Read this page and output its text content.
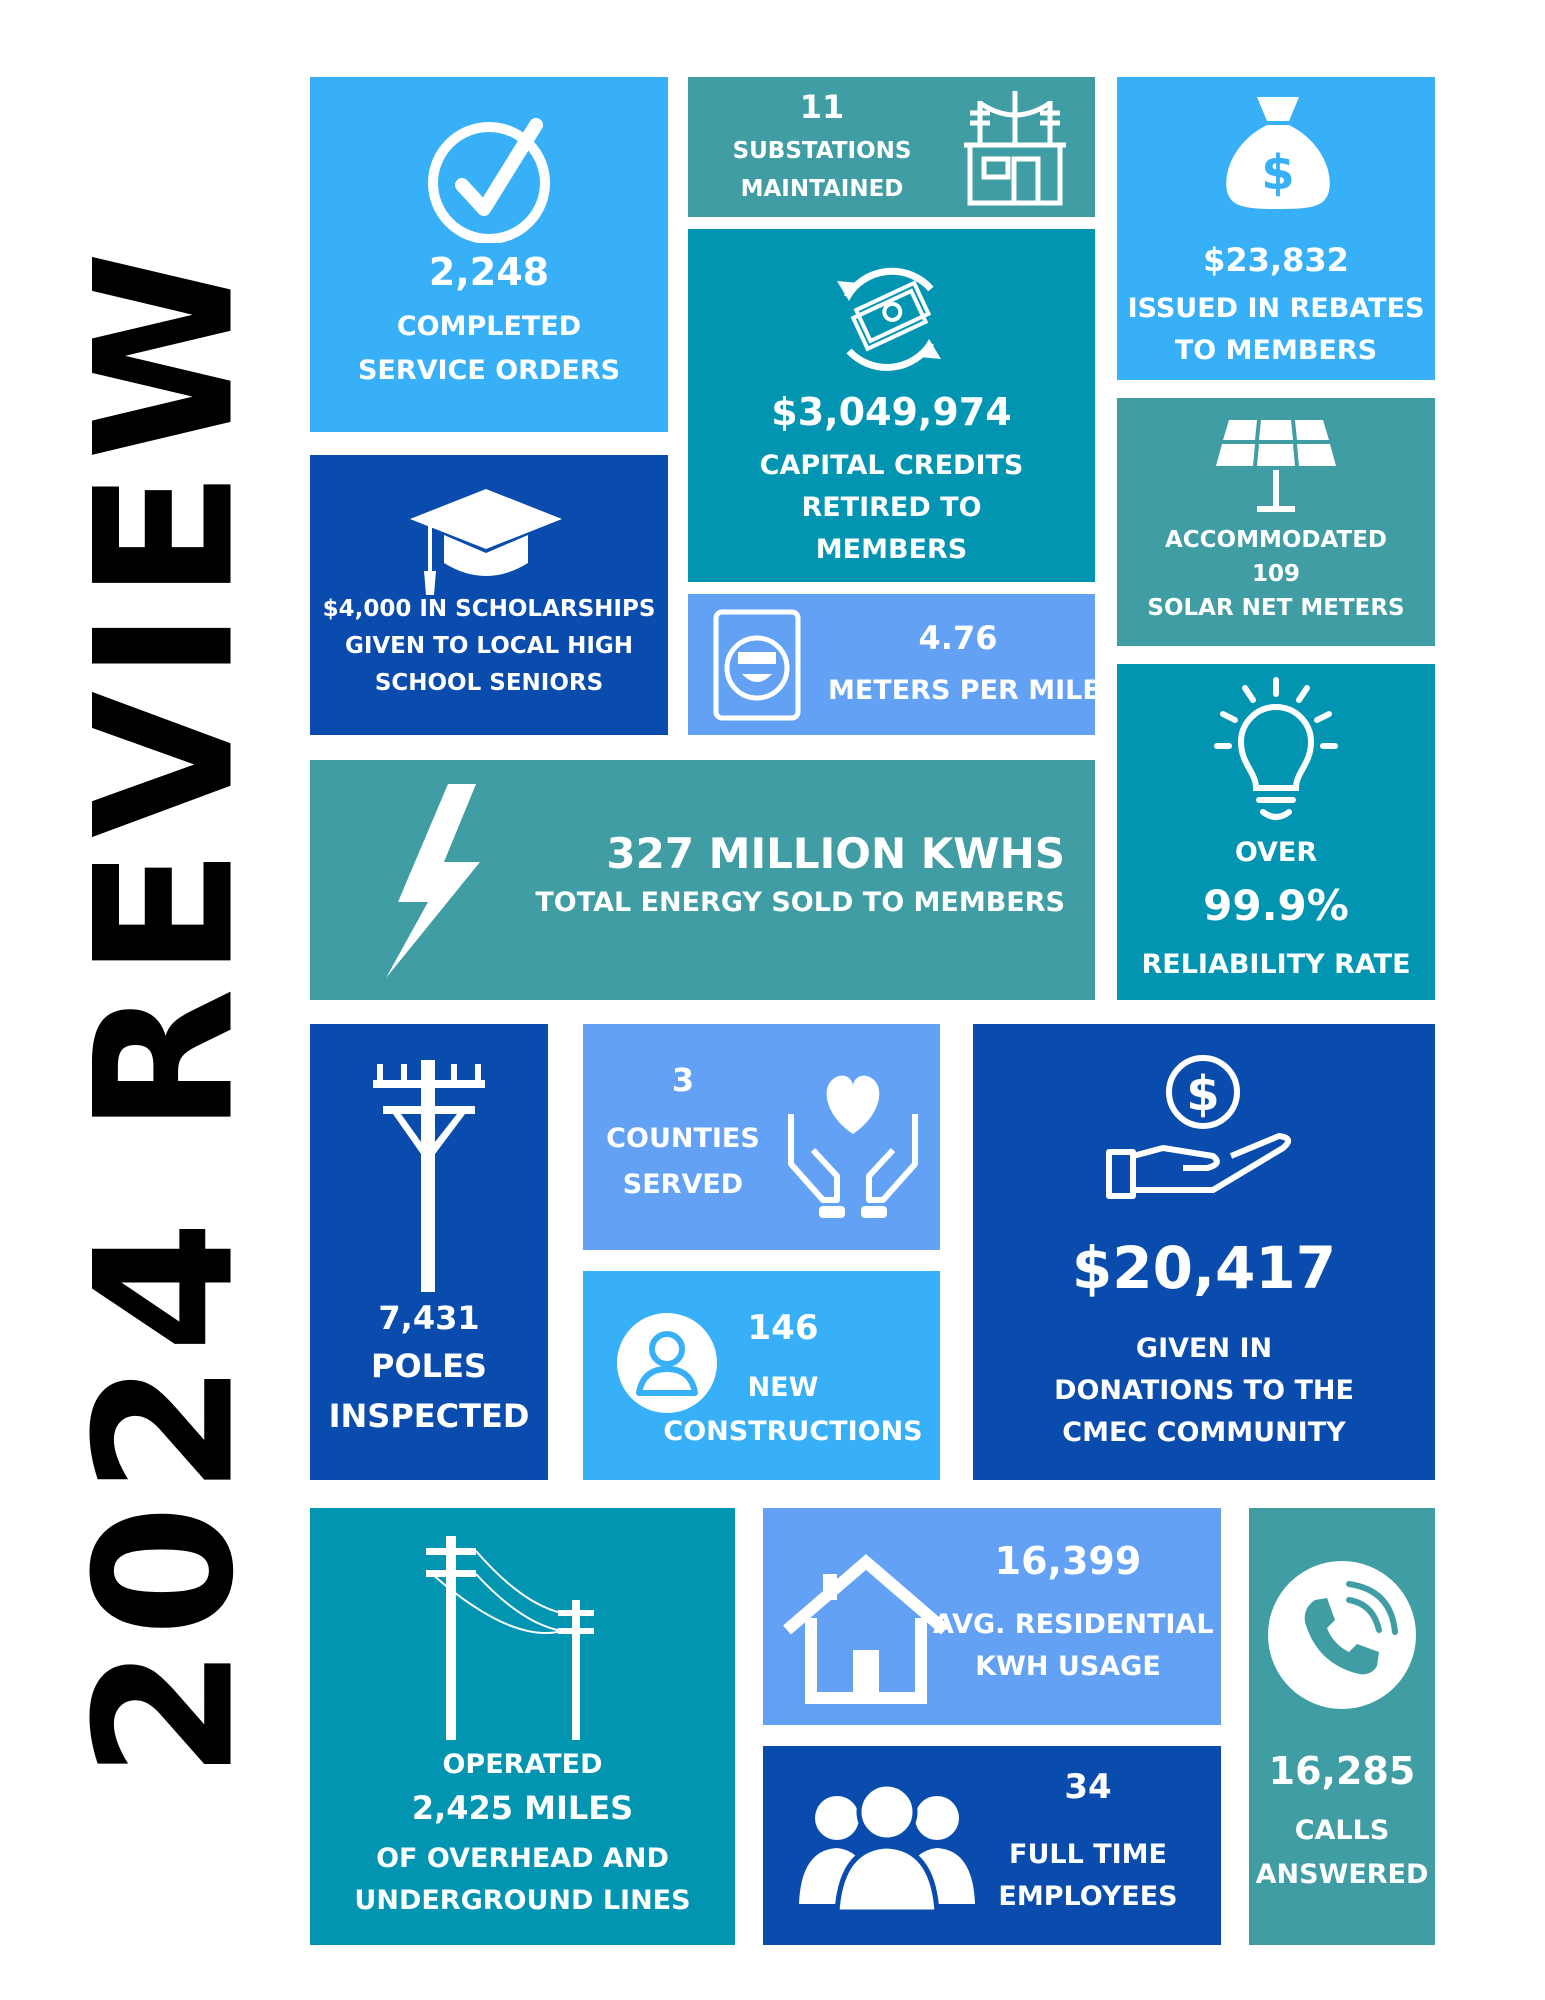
2024 REVIEW	2,248
COMPLETED
SERVICE ORDERS
11
SUBSTATIONS
MAINTAINED	$
$23,832
ISSUED IN REBATES
TO MEMBERS
$3,049,974
CAPITAL CREDITS
RETIRED TO
MEMBERS	ACCOMMODATED
109
SOLAR NET METERS
$4,000 IN SCHOLARSHIPS
GIVEN TO LOCAL HIGH
SCHOOL SENIORS
4.76
METERS PER MILE
327 MILLION KWHS
TOTAL ENERGY SOLD TO MEMBERS
OVER
99.9%
RELIABILITY RATE
7,431
POLES
INSPECTED
3
COUNTIES
SERVED
$
$20,417
GIVEN IN
DONATIONS TO THE
CMEC COMMUNITY
146
NEW
CONSTRUCTIONS
OPERATED
2,425 MILES
OF OVERHEAD AND
UNDERGROUND LINES
16,399
AVG. RESIDENTIAL
KWH USAGE
34
FULL TIME
EMPLOYEES
16,285
CALLS
ANSWERED
